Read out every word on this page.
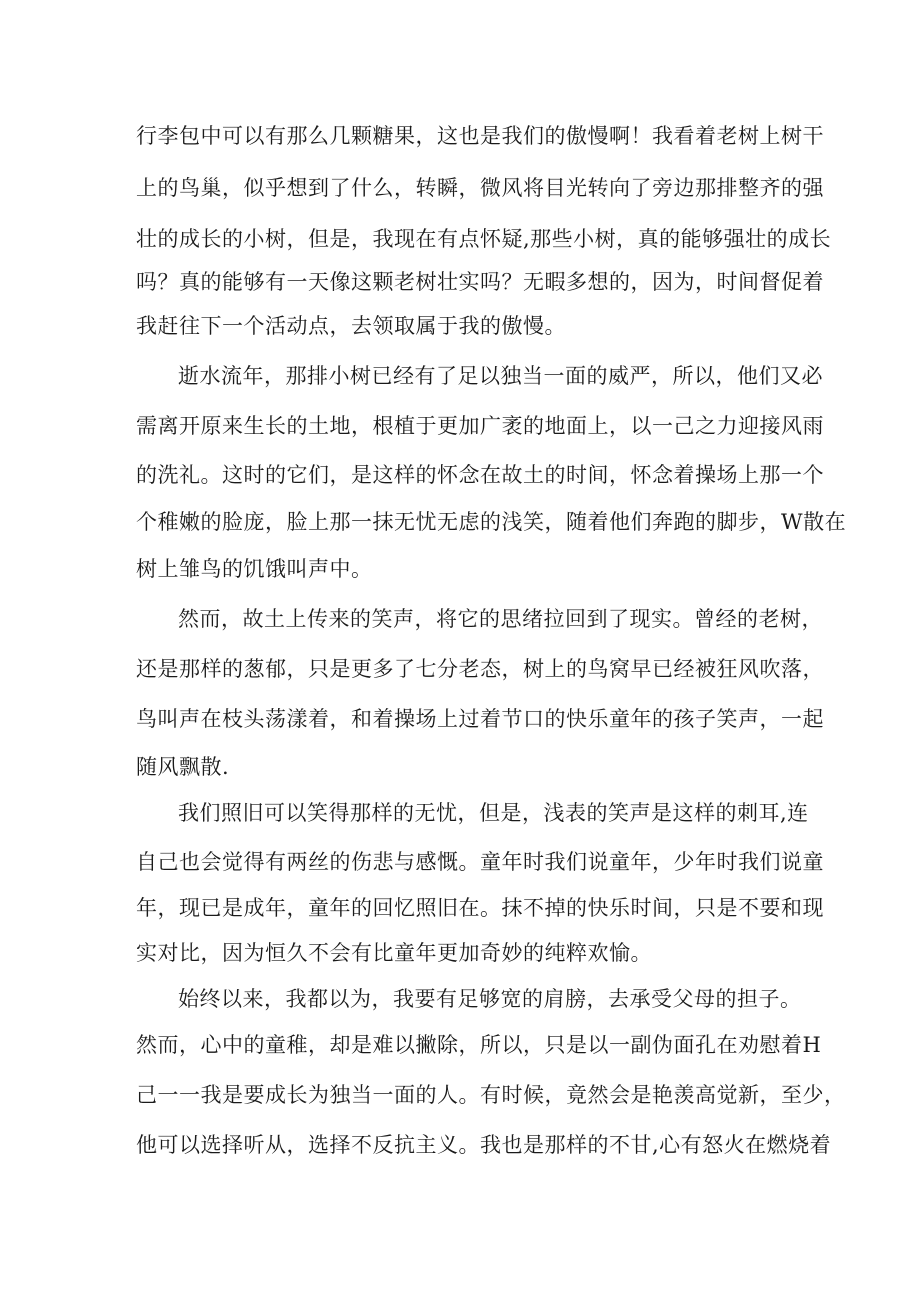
行李包中可以有那么几颗糖果，这也是我们的傲慢啊！我看着老树上树干
上的鸟巢，似乎想到了什么，转瞬，微风将目光转向了旁边那排整齐的强
壮的成长的小树，但是，我现在有点怀疑,那些小树，真的能够强壮的成长
吗？真的能够有一天像这颗老树壮实吗？无暇多想的，因为，时间督促着
我赶往下一个活动点，去领取属于我的傲慢。
逝水流年，那排小树已经有了足以独当一面的威严，所以，他们又必
需离开原来生长的土地，根植于更加广袤的地面上，以一己之力迎接风雨
的洗礼。这时的它们，是这样的怀念在故土的时间，怀念着操场上那一个
个稚嫩的脸庞，脸上那一抹无忧无虑的浅笑，随着他们奔跑的脚步，W散在
树上雏鸟的饥饿叫声中。
然而，故土上传来的笑声，将它的思绪拉回到了现实。曾经的老树，
还是那样的葱郁，只是更多了七分老态，树上的鸟窝早已经被狂风吹落，
鸟叫声在枝头荡漾着，和着操场上过着节口的快乐童年的孩子笑声，一起
随风飘散.
我们照旧可以笑得那样的无忧，但是，浅表的笑声是这样的刺耳,连
自己也会觉得有两丝的伤悲与感慨。童年时我们说童年，少年时我们说童
年，现已是成年，童年的回忆照旧在。抹不掉的快乐时间，只是不要和现
实对比，因为恒久不会有比童年更加奇妙的纯粹欢愉。
始终以来，我都以为，我要有足够宽的肩膀，去承受父母的担子。
然而，心中的童稚，却是难以撇除，所以，只是以一副伪面孔在劝慰着H
己一一我是要成长为独当一面的人。有时候，竟然会是艳羡高觉新，至少，
他可以选择听从，选择不反抗主义。我也是那样的不甘,心有怒火在燃烧着
